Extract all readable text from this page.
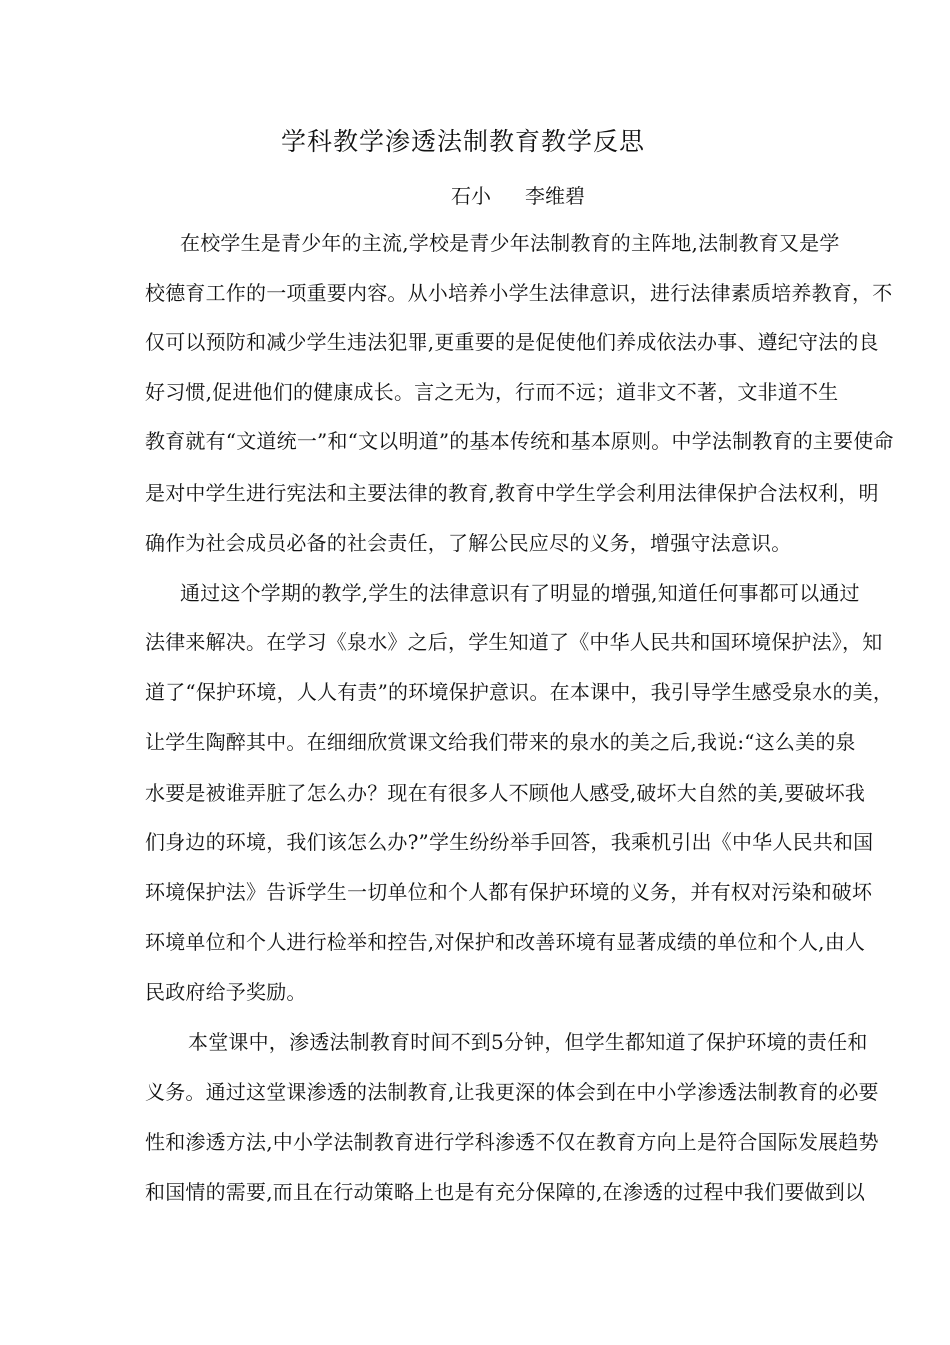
学科教学渗透法制教育教学反思
石小 李维碧
在校学生是青少年的主流,学校是青少年法制教育的主阵地,法制教育又是学
校德育工作的一项重要内容。从小培养小学生法律意识，进行法律素质培养教育，不
仅可以预防和减少学生违法犯罪,更重要的是促使他们养成依法办事、遵纪守法的良
好习惯,促进他们的健康成长。言之无为，行而不远；道非文不著，文非道不生
教育就有“文道统一”和“文以明道”的基本传统和基本原则。中学法制教育的主要使命
是对中学生进行宪法和主要法律的教育,教育中学生学会利用法律保护合法权利，明
确作为社会成员必备的社会责任，了解公民应尽的义务，增强守法意识。
通过这个学期的教学,学生的法律意识有了明显的增强,知道任何事都可以通过
法律来解决。在学习《泉水》之后，学生知道了《中华人民共和国环境保护法》，知
道了“保护环境，人人有责”的环境保护意识。在本课中，我引导学生感受泉水的美，
让学生陶醉其中。在细细欣赏课文给我们带来的泉水的美之后,我说:“这么美的泉
水要是被谁弄脏了怎么办？现在有很多人不顾他人感受,破坏大自然的美,要破坏我
们身边的环境，我们该怎么办?”学生纷纷举手回答，我乘机引出《中华人民共和国
环境保护法》告诉学生一切单位和个人都有保护环境的义务，并有权对污染和破坏
环境单位和个人进行检举和控告,对保护和改善环境有显著成绩的单位和个人,由人
民政府给予奖励。
本堂课中，渗透法制教育时间不到5分钟，但学生都知道了保护环境的责任和
义务。通过这堂课渗透的法制教育,让我更深的体会到在中小学渗透法制教育的必要
性和渗透方法,中小学法制教育进行学科渗透不仅在教育方向上是符合国际发展趋势
和国情的需要,而且在行动策略上也是有充分保障的,在渗透的过程中我们要做到以
